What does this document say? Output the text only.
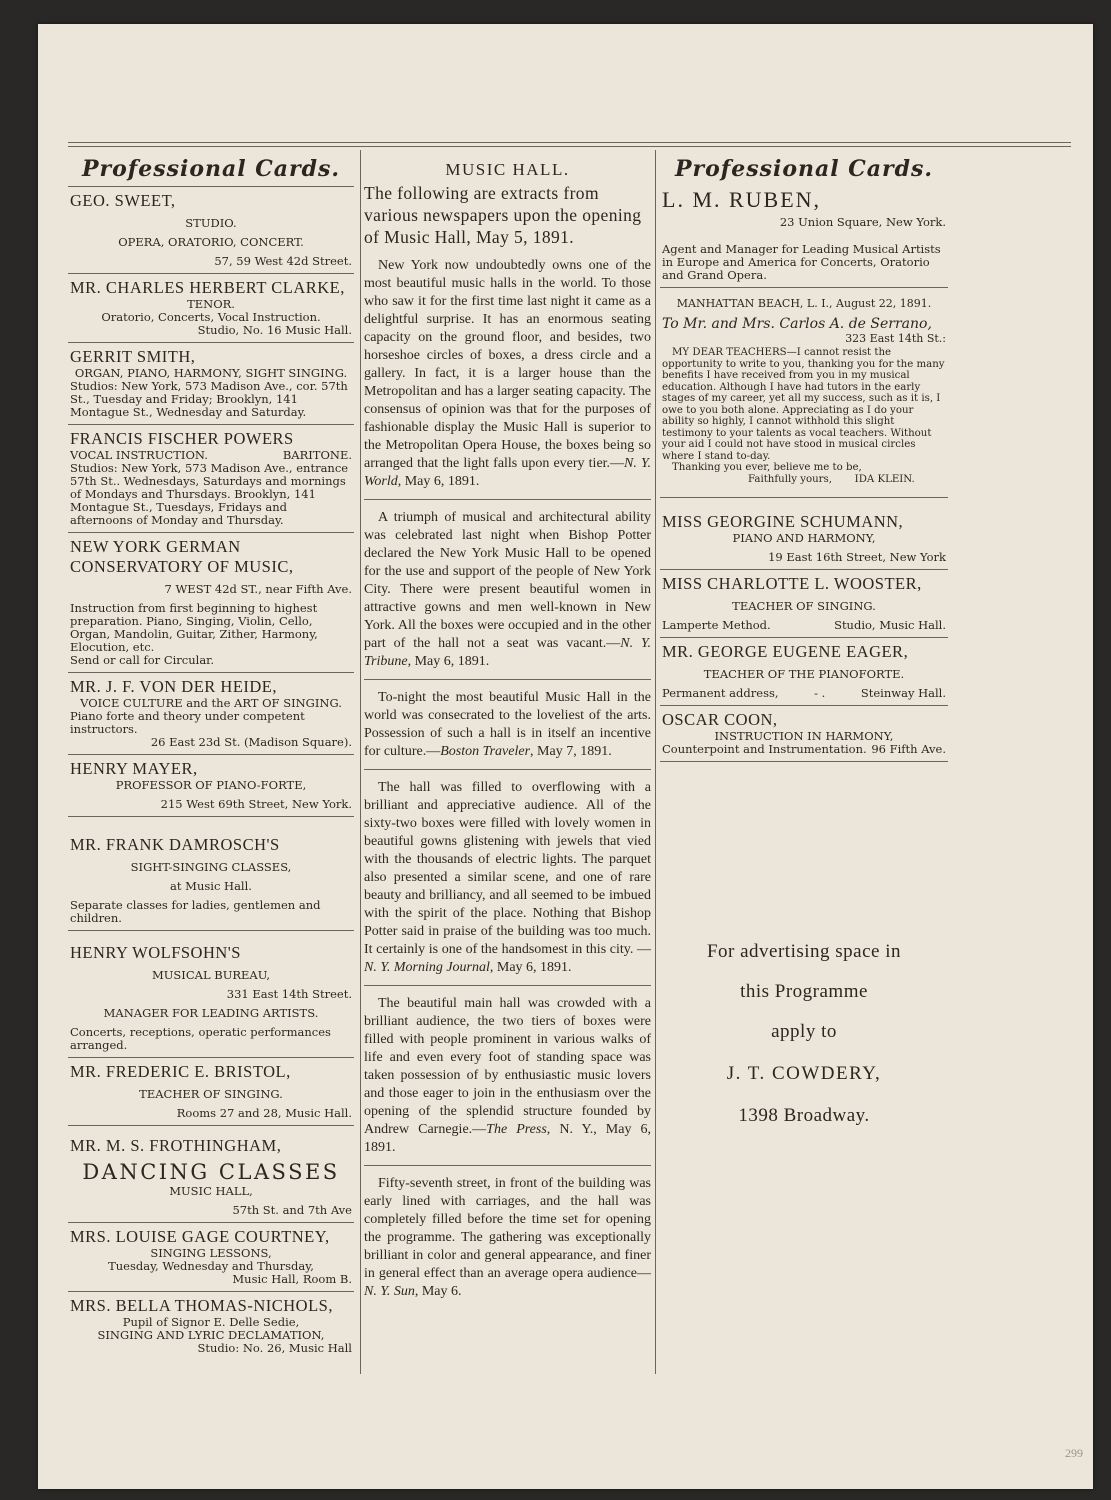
Professional Cards.
GEO. SWEET,
STUDIO.
OPERA, ORATORIO, CONCERT.
57, 59 West 42d Street.
MR. CHARLES HERBERT CLARKE,
TENOR.
Oratorio, Concerts, Vocal Instruction.
Studio, No. 16 Music Hall.
GERRIT SMITH,
ORGAN, PIANO, HARMONY, SIGHT SINGING.
Studios: New York, 573 Madison Ave., cor. 57th St., Tuesday and Friday; Brooklyn, 141 Montague St., Wednesday and Saturday.
FRANCIS FISCHER POWERS
VOCAL INSTRUCTION.	BARITONE.
Studios: New York, 573 Madison Ave., entrance 57th St.. Wednesdays, Saturdays and mornings of Mondays and Thursdays. Brooklyn, 141 Montague St., Tuesdays, Fridays and afternoons of Monday and Thursday.
NEW YORK GERMAN CONSERVATORY OF MUSIC,
7 WEST 42d ST., near Fifth Ave.
Instruction from first beginning to highest preparation. Piano, Singing, Violin, Cello, Organ, Mandolin, Guitar, Zither, Harmony, Elocution, etc.
Send or call for Circular.
MR. J. F. VON DER HEIDE,
VOICE CULTURE and the ART OF SINGING.
Piano forte and theory under competent instructors.
26 East 23d St. (Madison Square).
HENRY MAYER,
PROFESSOR OF PIANO-FORTE,
215 West 69th Street, New York.
MR. FRANK DAMROSCH'S
SIGHT-SINGING CLASSES,
at Music Hall.
Separate classes for ladies, gentlemen and children.
HENRY WOLFSOHN'S
MUSICAL BUREAU,
331 East 14th Street.
MANAGER FOR LEADING ARTISTS.
Concerts, receptions, operatic performances arranged.
MR. FREDERIC E. BRISTOL,
TEACHER OF SINGING.
Rooms 27 and 28, Music Hall.
MR. M. S. FROTHINGHAM,
DANCING CLASSES
MUSIC HALL,
57th St. and 7th Ave
MRS. LOUISE GAGE COURTNEY,
SINGING LESSONS,
Tuesday, Wednesday and Thursday,
Music Hall, Room B.
MRS. BELLA THOMAS-NICHOLS,
Pupil of Signor E. Delle Sedie,
SINGING AND LYRIC DECLAMATION,
Studio: No. 26, Music Hall
MUSIC HALL.
The following are extracts from various newspapers upon the opening of Music Hall, May 5, 1891.

New York now undoubtedly owns one of the most beautiful music halls in the world. To those who saw it for the first time last night it came as a delightful surprise. It has an enormous seating capacity on the ground floor, and besides, two horseshoe circles of boxes, a dress circle and a gallery. In fact, it is a larger house than the Metropolitan and has a larger seating capacity. The consensus of opinion was that for the purposes of fashionable display the Music Hall is superior to the Metropolitan Opera House, the boxes being so arranged that the light falls upon every tier.—N. Y. World, May 6, 1891.

A triumph of musical and architectural ability was celebrated last night when Bishop Potter declared the New York Music Hall to be opened for the use and support of the people of New York City. There were present beautiful women in attractive gowns and men well-known in New York. All the boxes were occupied and in the other part of the hall not a seat was vacant.—N. Y. Tribune, May 6, 1891.

To-night the most beautiful Music Hall in the world was consecrated to the loveliest of the arts. Possession of such a hall is in itself an incentive for culture.—Boston Traveler, May 7, 1891.

The hall was filled to overflowing with a brilliant and appreciative audience. All of the sixty-two boxes were filled with lovely women in beautiful gowns glistening with jewels that vied with the thousands of electric lights. The parquet also presented a similar scene, and one of rare beauty and brilliancy, and all seemed to be imbued with the spirit of the place. Nothing that Bishop Potter said in praise of the building was too much. It certainly is one of the handsomest in this city. —N. Y. Morning Journal, May 6, 1891.

The beautiful main hall was crowded with a brilliant audience, the two tiers of boxes were filled with people prominent in various walks of life and even every foot of standing space was taken possession of by enthusiastic music lovers and those eager to join in the enthusiasm over the opening of the splendid structure founded by Andrew Carnegie.—The Press, N. Y., May 6, 1891.

Fifty-seventh street, in front of the building was early lined with carriages, and the hall was completely filled before the time set for opening the programme. The gathering was exceptionally brilliant in color and general appearance, and finer in general effect than an average opera audience—N. Y. Sun, May 6.

Professional Cards.
L. M. RUBEN,
23 Union Square, New York.
Agent and Manager for Leading Musical Artists in Europe and America for Concerts, Oratorio and Grand Opera.

MANHATTAN BEACH, L. I., August 22, 1891.

To Mr. and Mrs. Carlos A. de Serrano,

323 East 14th St.:

MY DEAR TEACHERS—I cannot resist the opportunity to write to you, thanking you for the many benefits I have received from you in my musical education. Although I have had tutors in the early stages of my career, yet all my success, such as it is, I owe to you both alone. Appreciating as I do your ability so highly, I cannot withhold this slight testimony to your talents as vocal teachers. Without your aid I could not have stood in musical circles where I stand to-day.

Thanking you ever, believe me to be,

Faithfully yours, IDA KLEIN.

MISS GEORGINE SCHUMANN,
PIANO AND HARMONY,
19 East 16th Street, New York
MISS CHARLOTTE L. WOOSTER,
TEACHER OF SINGING.
Lamperte Method.	Studio, Music Hall.
MR. GEORGE EUGENE EAGER,
TEACHER OF THE PIANOFORTE.
Permanent address,	- .	Steinway Hall.
OSCAR COON,
INSTRUCTION IN HARMONY,
Counterpoint and Instrumentation. 96 Fifth Ave.
For advertising space in
this Programme
apply to
J. T. COWDERY,
1398 Broadway.
299
